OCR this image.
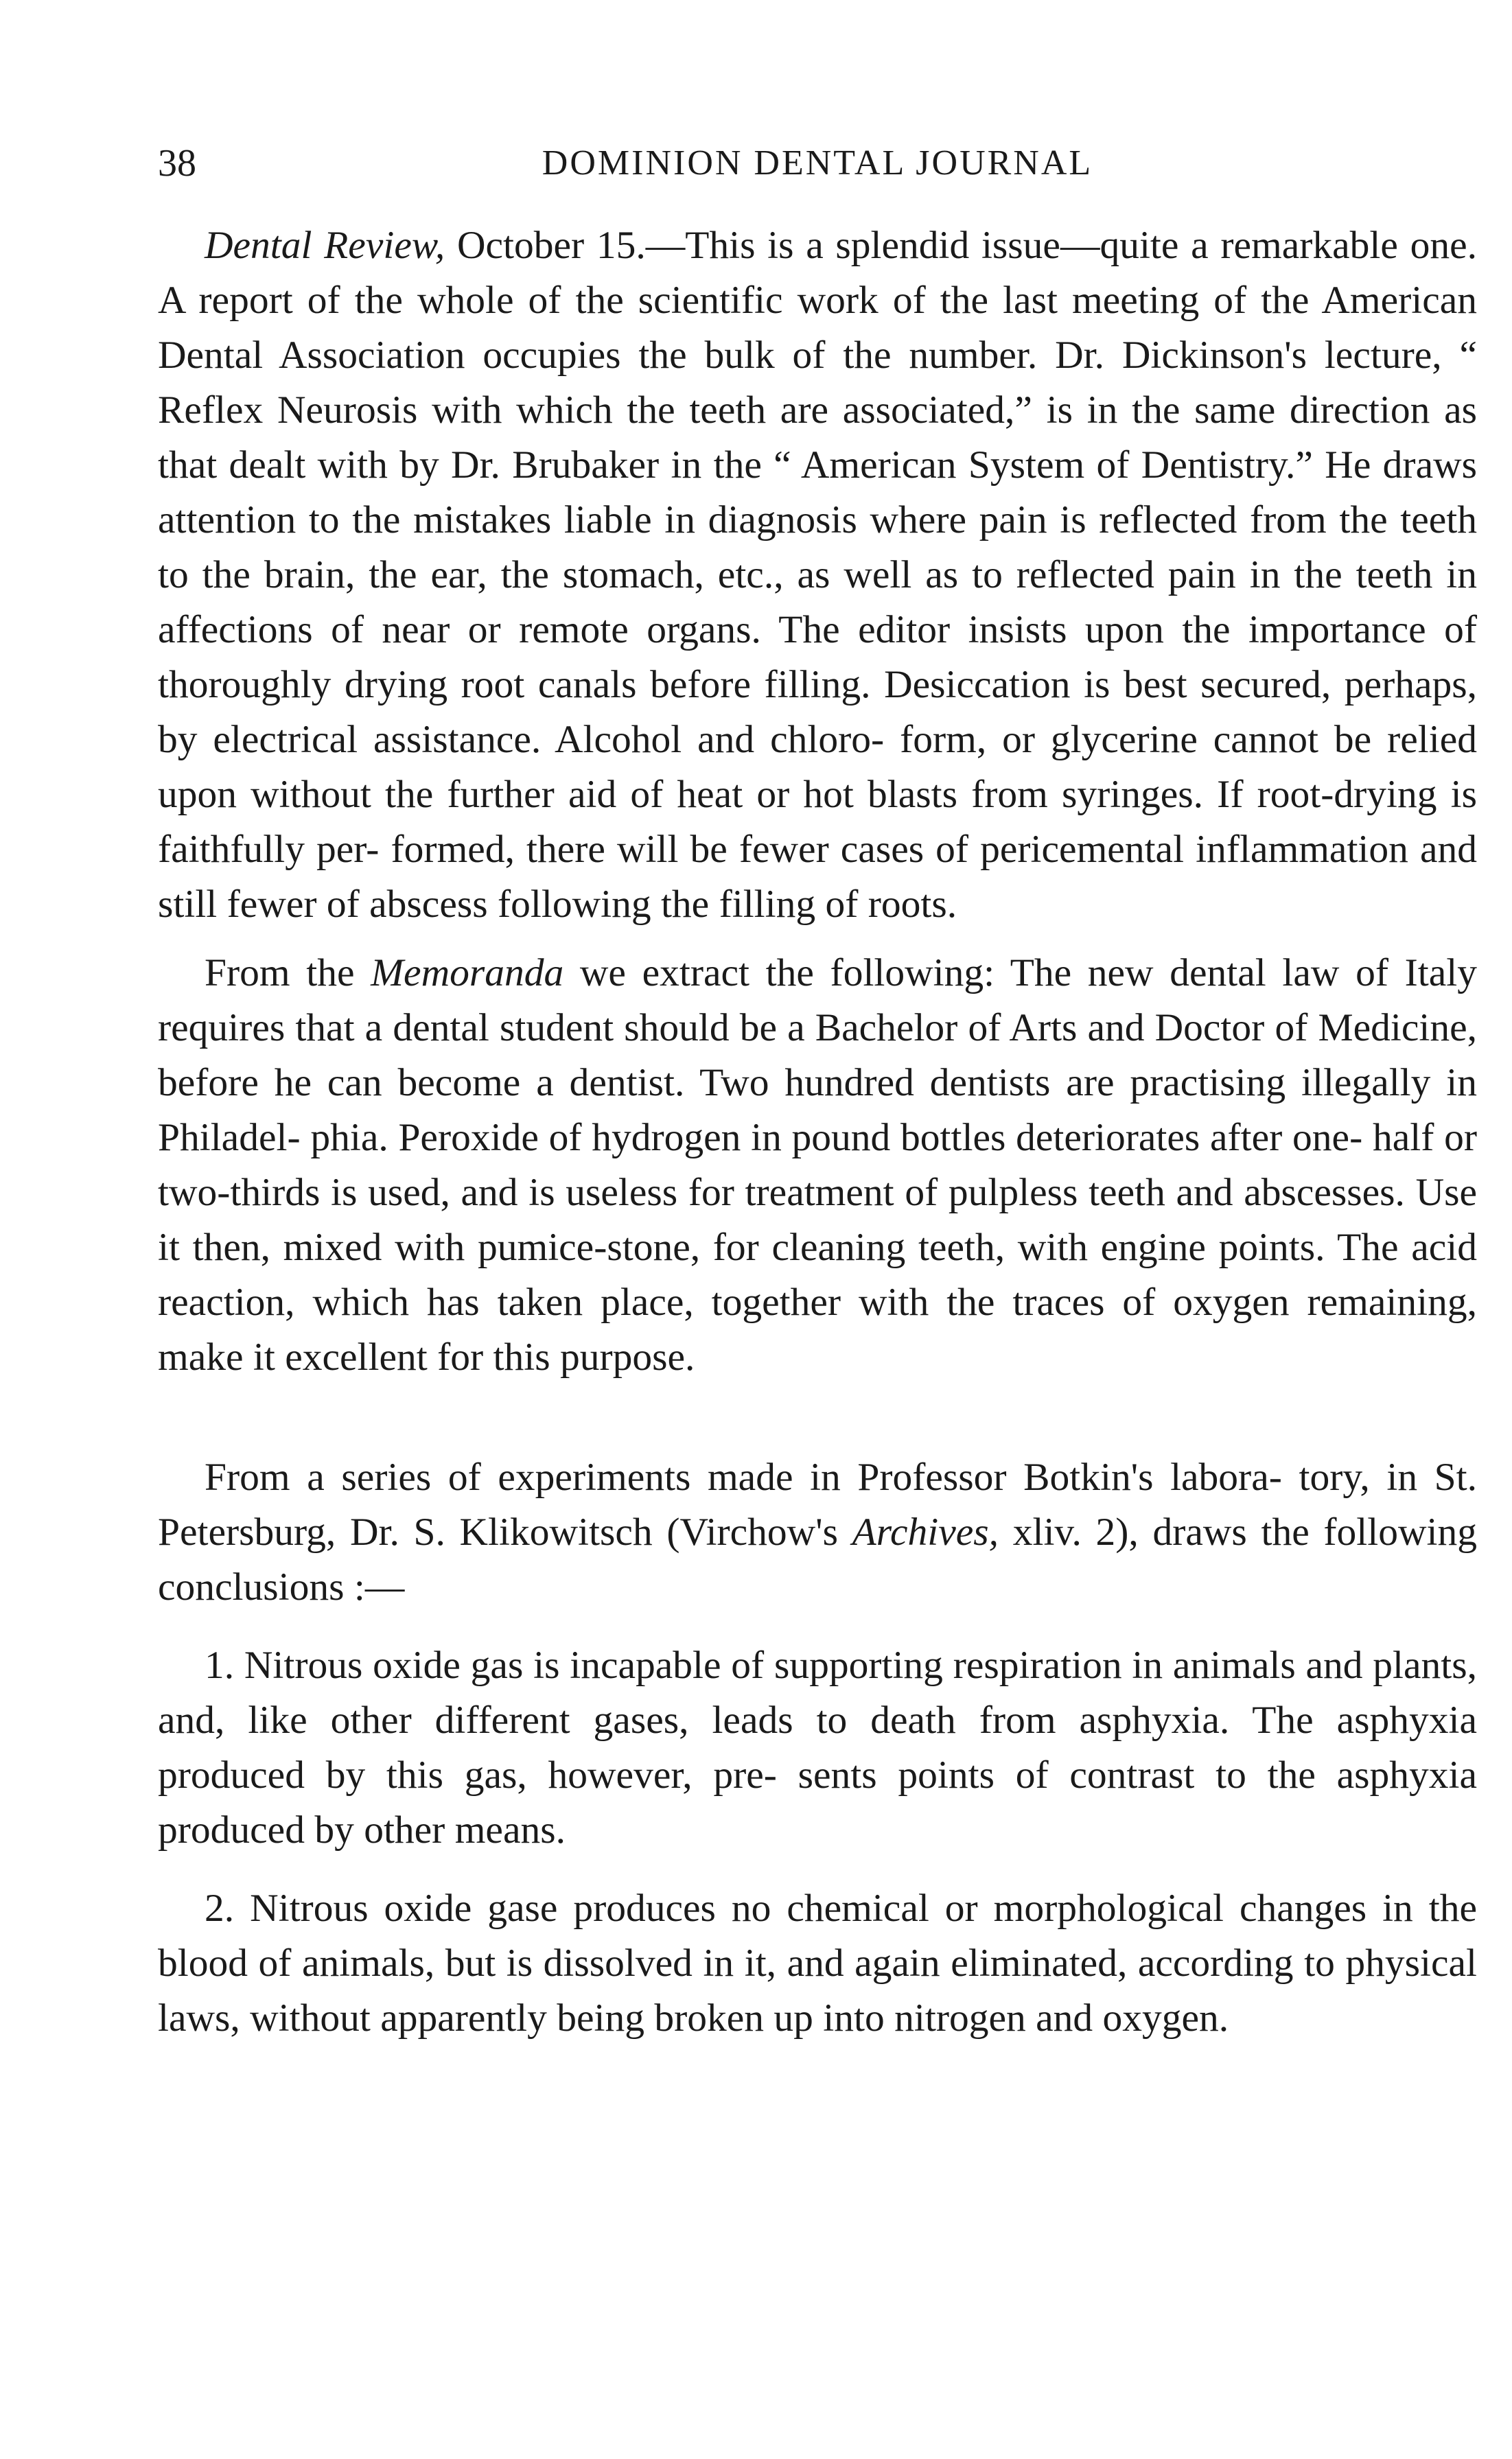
38	DOMINION DENTAL JOURNAL

Dental Review, October 15.—This is a splendid issue—quite a remarkable one. A report of the whole of the scientific work of the last meeting of the American Dental Association occupies the bulk of the number. Dr. Dickinson's lecture, “ Reflex Neurosis with which the teeth are associated,” is in the same direction as that dealt with by Dr. Brubaker in the “ American System of Dentistry.” He draws attention to the mistakes liable in diagnosis where pain is reflected from the teeth to the brain, the ear, the stomach, etc., as well as to reflected pain in the teeth in affections of near or remote organs. The editor insists upon the importance of thoroughly drying root canals before filling. Desiccation is best secured, perhaps, by electrical assistance. Alcohol and chloro- form, or glycerine cannot be relied upon without the further aid of heat or hot blasts from syringes. If root-drying is faithfully per- formed, there will be fewer cases of pericemental inflammation and still fewer of abscess following the filling of roots.

From the Memoranda we extract the following: The new dental law of Italy requires that a dental student should be a Bachelor of Arts and Doctor of Medicine, before he can become a dentist. Two hundred dentists are practising illegally in Philadel- phia. Peroxide of hydrogen in pound bottles deteriorates after one- half or two-thirds is used, and is useless for treatment of pulpless teeth and abscesses. Use it then, mixed with pumice-stone, for cleaning teeth, with engine points. The acid reaction, which has taken place, together with the traces of oxygen remaining, make it excellent for this purpose.

From a series of experiments made in Professor Botkin's labora- tory, in St. Petersburg, Dr. S. Klikowitsch (Virchow's Archives, xliv. 2), draws the following conclusions :—

1. Nitrous oxide gas is incapable of supporting respiration in animals and plants, and, like other different gases, leads to death from asphyxia. The asphyxia produced by this gas, however, pre- sents points of contrast to the asphyxia produced by other means.

2. Nitrous oxide gase produces no chemical or morphological changes in the blood of animals, but is dissolved in it, and again eliminated, according to physical laws, without apparently being broken up into nitrogen and oxygen.
